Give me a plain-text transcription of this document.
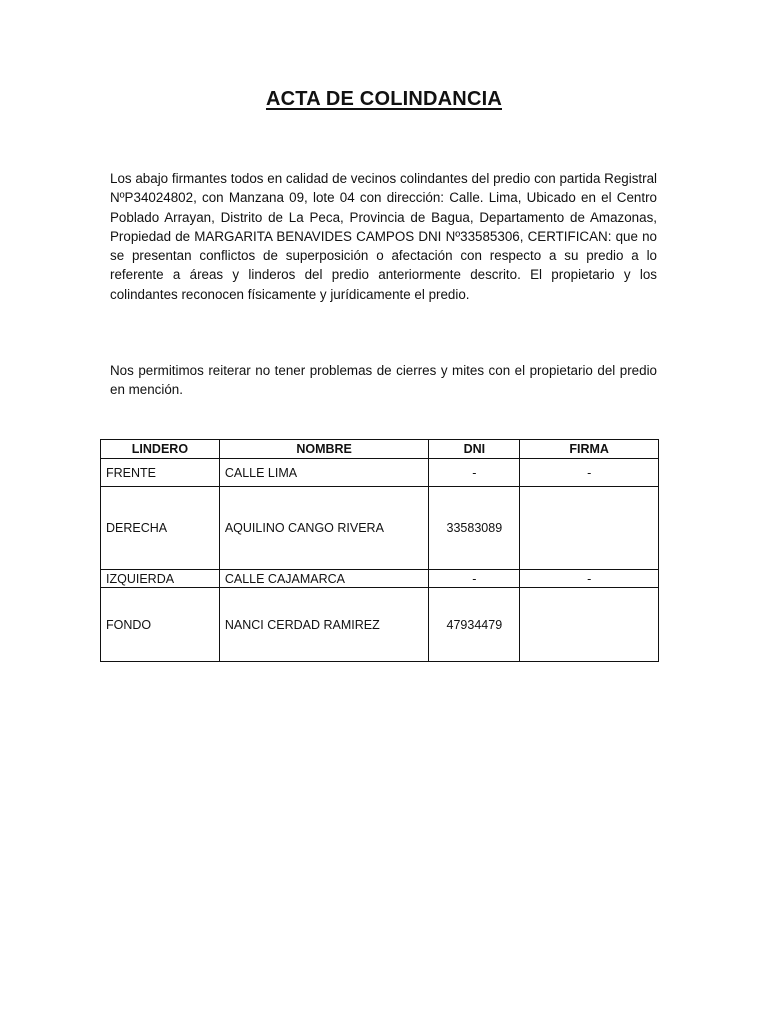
ACTA DE COLINDANCIA

Los abajo firmantes todos en calidad de vecinos colindantes del predio con partida Registral NºP34024802, con Manzana 09, lote 04 con dirección: Calle. Lima, Ubicado en el Centro Poblado Arrayan, Distrito de La Peca, Provincia de Bagua, Departamento de Amazonas, Propiedad de MARGARITA BENAVIDES CAMPOS DNI Nº33585306, CERTIFICAN: que no se presentan conflictos de superposición o afectación con respecto a su predio a lo referente a áreas y linderos del predio anteriormente descrito. El propietario y los colindantes reconocen físicamente y jurídicamente el predio.

Nos permitimos reiterar no tener problemas de cierres y mites con el propietario del predio en mención.

LINDERO	NOMBRE	DNI	FIRMA
FRENTE	CALLE LIMA	-	-
DERECHA	AQUILINO CANGO RIVERA	33583089	
IZQUIERDA	CALLE CAJAMARCA	-	-
FONDO	NANCI CERDAD RAMIREZ	47934479	
